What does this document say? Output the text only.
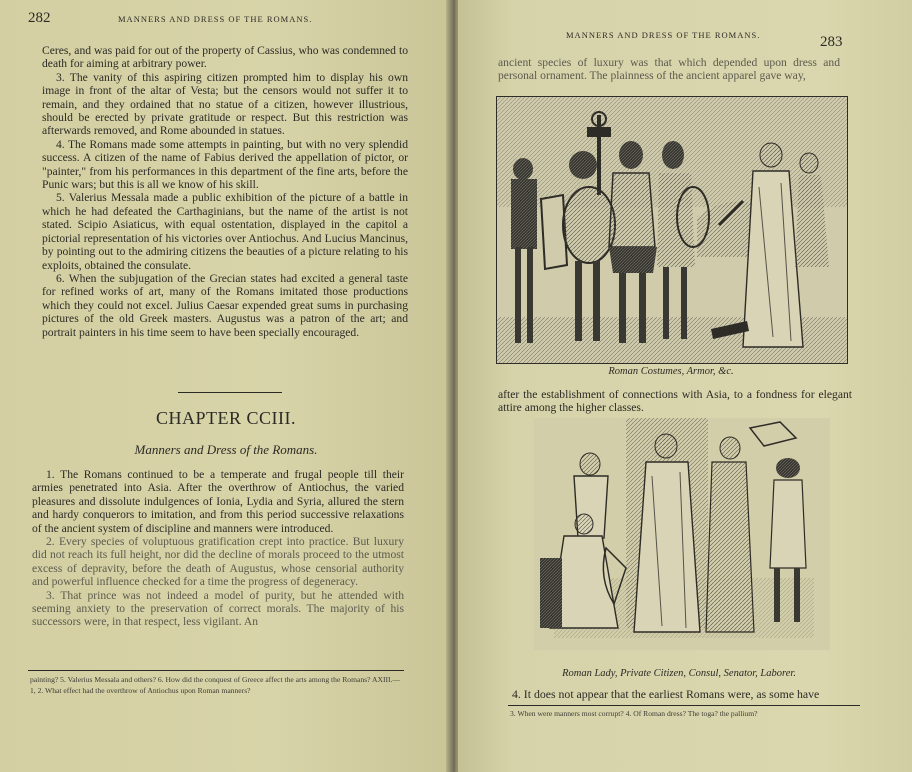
282	MANNERS AND DRESS OF THE ROMANS.

Ceres, and was paid for out of the property of Cassius, who was condemned to death for aiming at arbitrary power.

3. The vanity of this aspiring citizen prompted him to display his own image in front of the altar of Vesta; but the censors would not suffer it to remain, and they ordained that no statue of a citizen, however illustrious, should be erected by private gratitude or respect. But this restriction was afterwards removed, and Rome abounded in statues.

4. The Romans made some attempts in painting, but with no very splendid success. A citizen of the name of Fabius derived the appellation of pictor, or "painter," from his performances in this department of the fine arts, before the Punic wars; but this is all we know of his skill.

5. Valerius Messala made a public exhibition of the picture of a battle in which he had defeated the Carthaginians, but the name of the artist is not stated. Scipio Asiaticus, with equal ostentation, displayed in the capitol a pictorial representation of his victories over Antiochus. And Lucius Mancinus, by pointing out to the admiring citizens the beauties of a picture relating to his exploits, obtained the consulate.

6. When the subjugation of the Grecian states had excited a general taste for refined works of art, many of the Romans imitated those productions which they could not excel. Julius Caesar expended great sums in purchasing pictures of the old Greek masters. Augustus was a patron of the art; and portrait painters in his time seem to have been specially encouraged.

CHAPTER CCIII.
Manners and Dress of the Romans.

1. The Romans continued to be a temperate and frugal people till their armies penetrated into Asia. After the overthrow of Antiochus, the varied pleasures and dissolute indulgences of Ionia, Lydia and Syria, allured the stern and hardy conquerors to imitation, and from this period successive relaxations of the ancient system of discipline and manners were introduced.

2. Every species of voluptuous gratification crept into practice. But luxury did not reach its full height, nor did the decline of morals proceed to the utmost excess of depravity, before the death of Augustus, whose censorial authority and powerful influence checked for a time the progress of degeneracy.

3. That prince was not indeed a model of purity, but he attended with seeming anxiety to the preservation of correct morals. The majority of his successors were, in that respect, less vigilant. An

painting? 5. Valerius Messala and others? 6. How did the conquest of Greece affect the arts among the Romans? AXIII.—1, 2. What effect had the overthrow of Antiochus upon Roman manners?
MANNERS AND DRESS OF THE ROMANS.	283
ancient species of luxury was that which depended upon dress and personal ornament. The plainness of the ancient apparel gave way,
Roman Costumes, Armor, &c.
after the establishment of connections with Asia, to a fondness for elegant attire among the higher classes.
Roman Lady, Private Citizen, Consul, Senator, Laborer.
4. It does not appear that the earliest Romans were, as some have
3. When were manners most corrupt? 4. Of Roman dress? The toga? the pallium?
